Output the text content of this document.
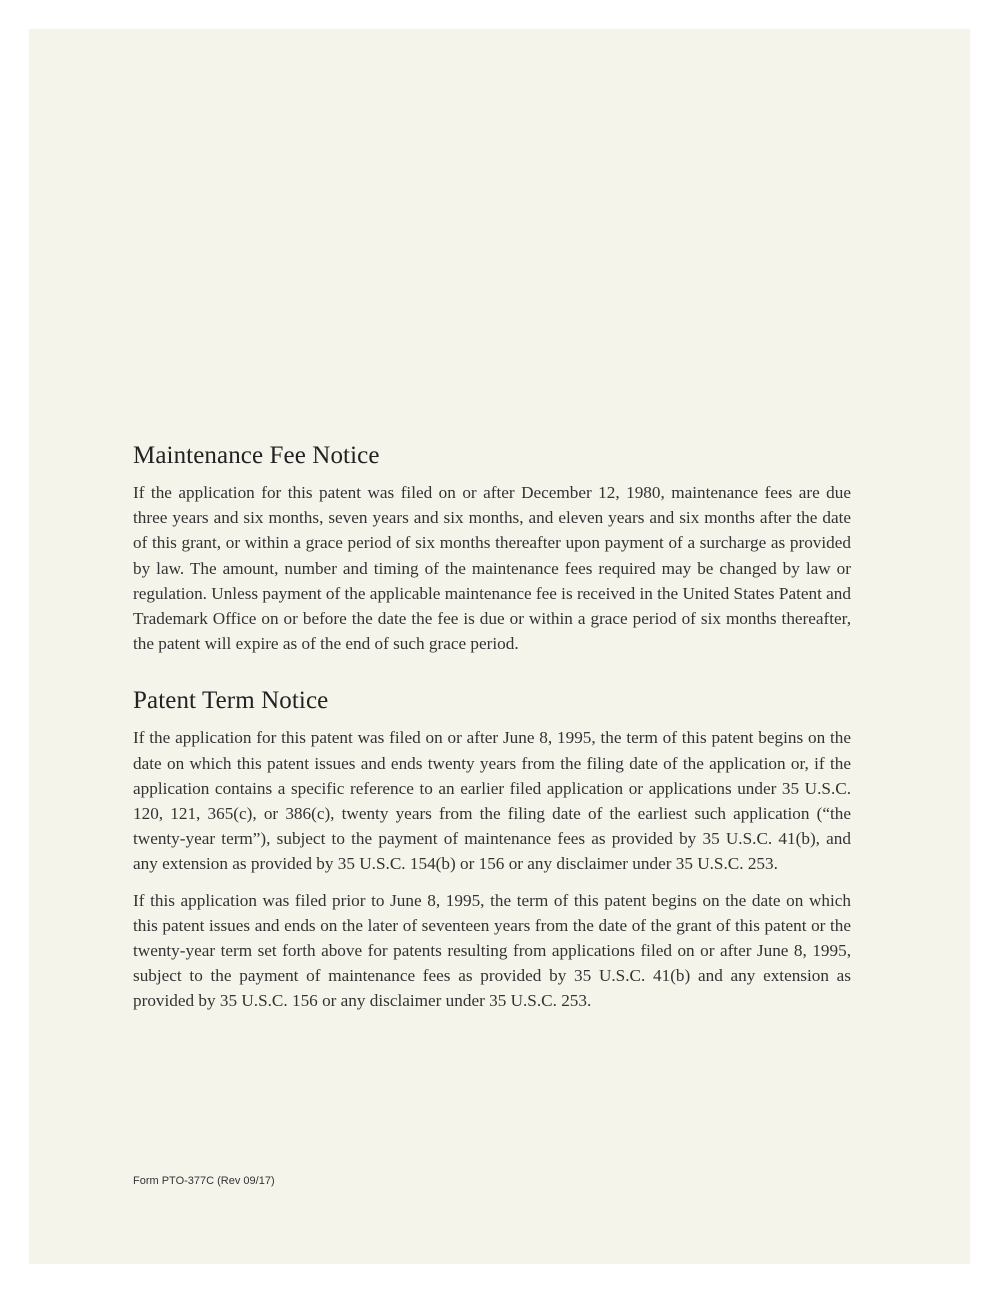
Maintenance Fee Notice

If the application for this patent was filed on or after December 12, 1980, maintenance fees are due three years and six months, seven years and six months, and eleven years and six months after the date of this grant, or within a grace period of six months thereafter upon payment of a surcharge as provided by law. The amount, number and timing of the maintenance fees required may be changed by law or regulation. Unless payment of the applicable maintenance fee is received in the United States Patent and Trademark Office on or before the date the fee is due or within a grace period of six months thereafter, the patent will expire as of the end of such grace period.

Patent Term Notice

If the application for this patent was filed on or after June 8, 1995, the term of this patent begins on the date on which this patent issues and ends twenty years from the filing date of the application or, if the application contains a specific reference to an earlier filed application or applications under 35 U.S.C. 120, 121, 365(c), or 386(c), twenty years from the filing date of the earliest such application (“the twenty-year term”), subject to the payment of maintenance fees as provided by 35 U.S.C. 41(b), and any extension as provided by 35 U.S.C. 154(b) or 156 or any disclaimer under 35 U.S.C. 253.

If this application was filed prior to June 8, 1995, the term of this patent begins on the date on which this patent issues and ends on the later of seventeen years from the date of the grant of this patent or the twenty-year term set forth above for patents resulting from applications filed on or after June 8, 1995, subject to the payment of maintenance fees as provided by 35 U.S.C. 41(b) and any extension as provided by 35 U.S.C. 156 or any disclaimer under 35 U.S.C. 253.

Form PTO-377C (Rev 09/17)
